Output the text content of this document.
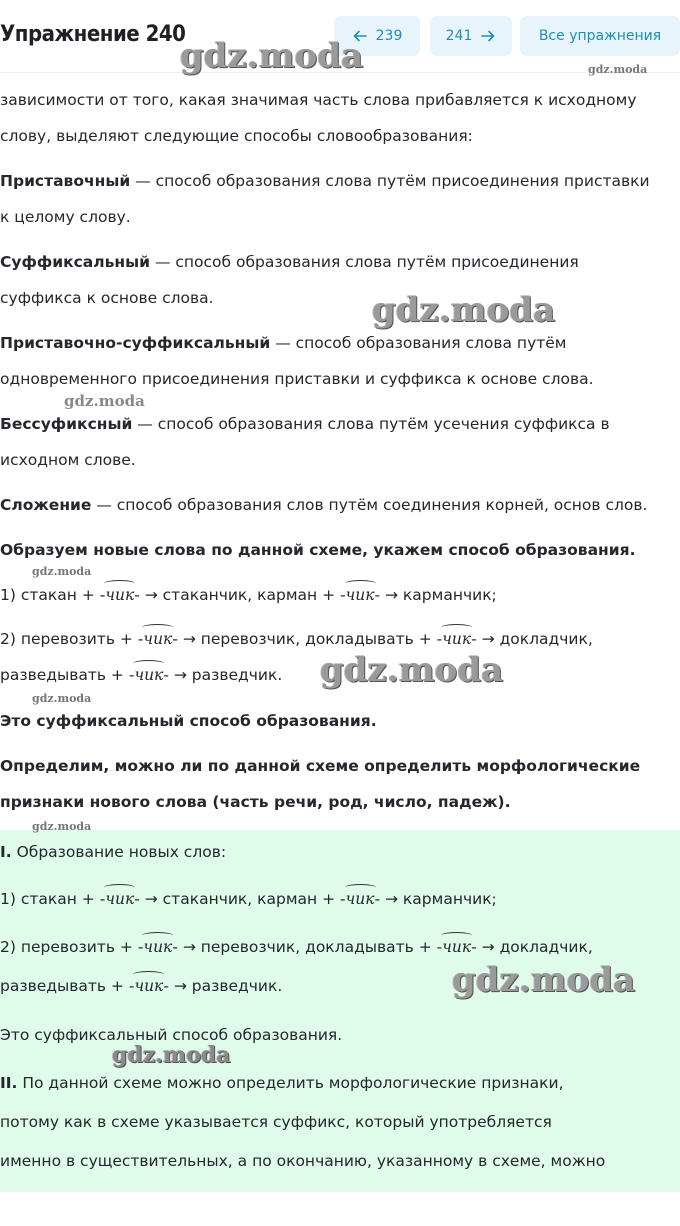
зависимости от того, какая значимая часть слова прибавляется к исходному
слову, выделяют следующие способы словообразования:
Приставочный — способ образования слова путём присоединения приставки
к целому слову.
Суффиксальный — способ образования слова путём присоединения
суффикса к основе слова.
Приставочно-суффиксальный — способ образования слова путём
одновременного присоединения приставки и суффикса к основе слова.
Бессуфиксный — способ образования слова путём усечения суффикса в
исходном слове.
Сложение — способ образования слов путём соединения корней, основ слов.
Образуем новые слова по данной схеме, укажем способ образования.
1) стакан + -чик- → стаканчик, карман + -чик- → карманчик;
2) перевозить + -чик- → перевозчик, докладывать + -чик- → докладчик,
разведывать + -чик- → разведчик.
Это суффиксальный способ образования.
Определим, можно ли по данной схеме определить морфологические
признаки нового слова (часть речи, род, число, падеж).
I. Образование новых слов:
1) стакан + -чик- → стаканчик, карман + -чик- → карманчик;
2) перевозить + -чик- → перевозчик, докладывать + -чик- → докладчик,
разведывать + -чик- → разведчик.
Это суффиксальный способ образования.
II. По данной схеме можно определить морфологические признаки,
потому как в схеме указывается суффикс, который употребляется
именно в существительных, а по окончанию, указанному в схеме, можно
Упражнение 240	239	241	Все упражнения
gdz.moda	gdz.moda
gdz.moda
gdz.moda
gdz.moda
gdz.moda
gdz.moda
gdz.moda
gdz.moda
gdz.moda
